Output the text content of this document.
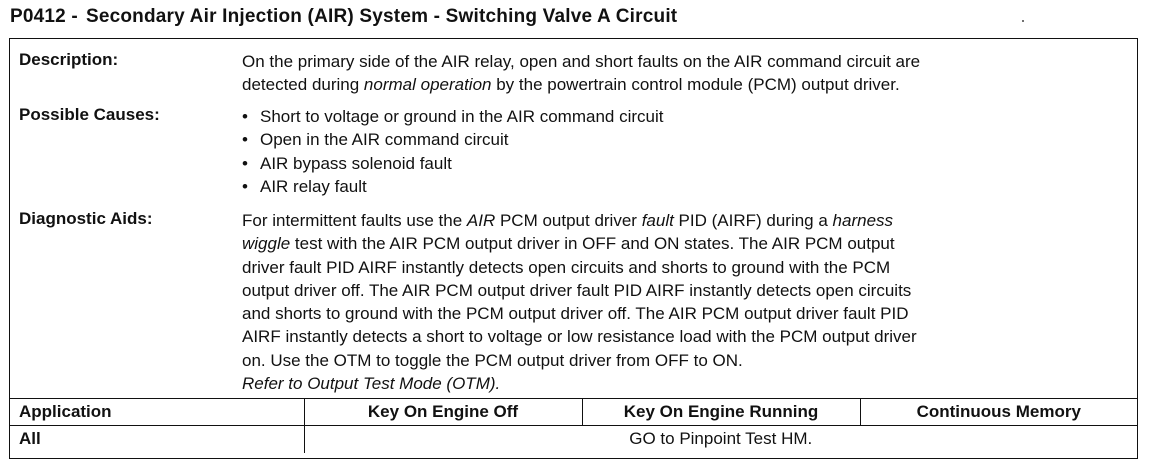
P0412 - Secondary Air Injection (AIR) System - Switching Valve A Circuit
Description:	On the primary side of the AIR relay, open and short faults on the AIR command circuit are
detected during normal operation by the powertrain control module (PCM) output driver.
Possible Causes:	• Short to voltage or ground in the AIR command circuit
• Open in the AIR command circuit
• AIR bypass solenoid fault
• AIR relay fault
Diagnostic Aids:	For intermittent faults use the AIR PCM output driver fault PID (AIRF) during a harness
wiggle test with the AIR PCM output driver in OFF and ON states. The AIR PCM output
driver fault PID AIRF instantly detects open circuits and shorts to ground with the PCM
output driver off. The AIR PCM output driver fault PID AIRF instantly detects open circuits
and shorts to ground with the PCM output driver off. The AIR PCM output driver fault PID
AIRF instantly detects a short to voltage or low resistance load with the PCM output driver
on. Use the OTM to toggle the PCM output driver from OFF to ON.
Refer to Output Test Mode (OTM).
Application	Key On Engine Off	Key On Engine Running	Continuous Memory
All	GO to Pinpoint Test HM.		
